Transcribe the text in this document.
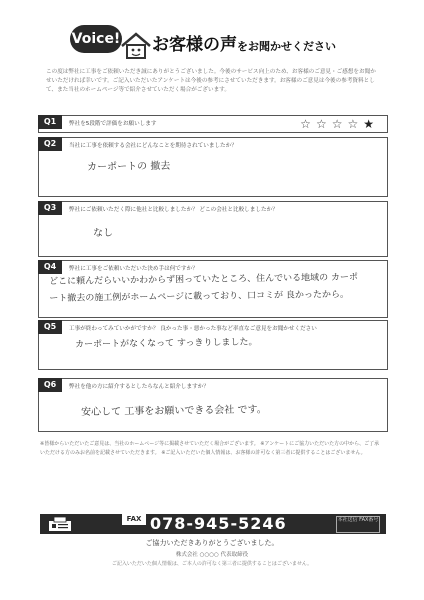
Voice! お客様の声をお聞かせください
この度は弊社に工事をご依頼いただき誠にありがとうございました。今後のサービス向上のため、お客様のご意見・ご感想をお聞かせいただければ幸いです。ご記入いただいたアンケートは今後の参考にさせていただきます。お客様のご意見は今後の参考資料として、また当社のホームページ等で紹介させていただく場合がございます。
Q1	弊社を5段階で評価をお願いします	☆☆☆☆★
Q2	当社に工事を依頼する会社にどんなことを期待されていましたか？
カーポートの 撤去
Q3	弊社にご依頼いただく際に他社と比較しましたか？ どこの会社と比較しましたか？
なし
Q4	弊社に工事をご依頼いただいた決め手は何ですか？
どこに頼んだらいいかわからず困っていたところ、住んでいる地域の カーポート撤去の施工例がホームページに載っており、口コミが 良かったから。
Q5	工事が終わってみていかがですか？ 良かった事・悪かった事など率直なご意見をお聞かせください
カーポートがなくなって すっきりしました。
Q6	弊社を他の方に紹介するとしたらなんと紹介しますか？
安心して 工事をお願いできる会社 です。
※皆様からいただいたご意見は、当社のホームページ等に掲載させていただく場合がございます。 ※アンケートにご協力いただいた方の中から、ご了承いただける方のみお名前を記載させていただきます。 ※ご記入いただいた個人情報は、お客様の許可なく第三者に提供することはございません。
FAX 078-945-5246	本社送信 FAX番号
ご協力いただきありがとうございました。
株式会社 ○○○○ 代表取締役
ご記入いただいた個人情報は、ご本人の許可なく第三者に提供することはございません。
